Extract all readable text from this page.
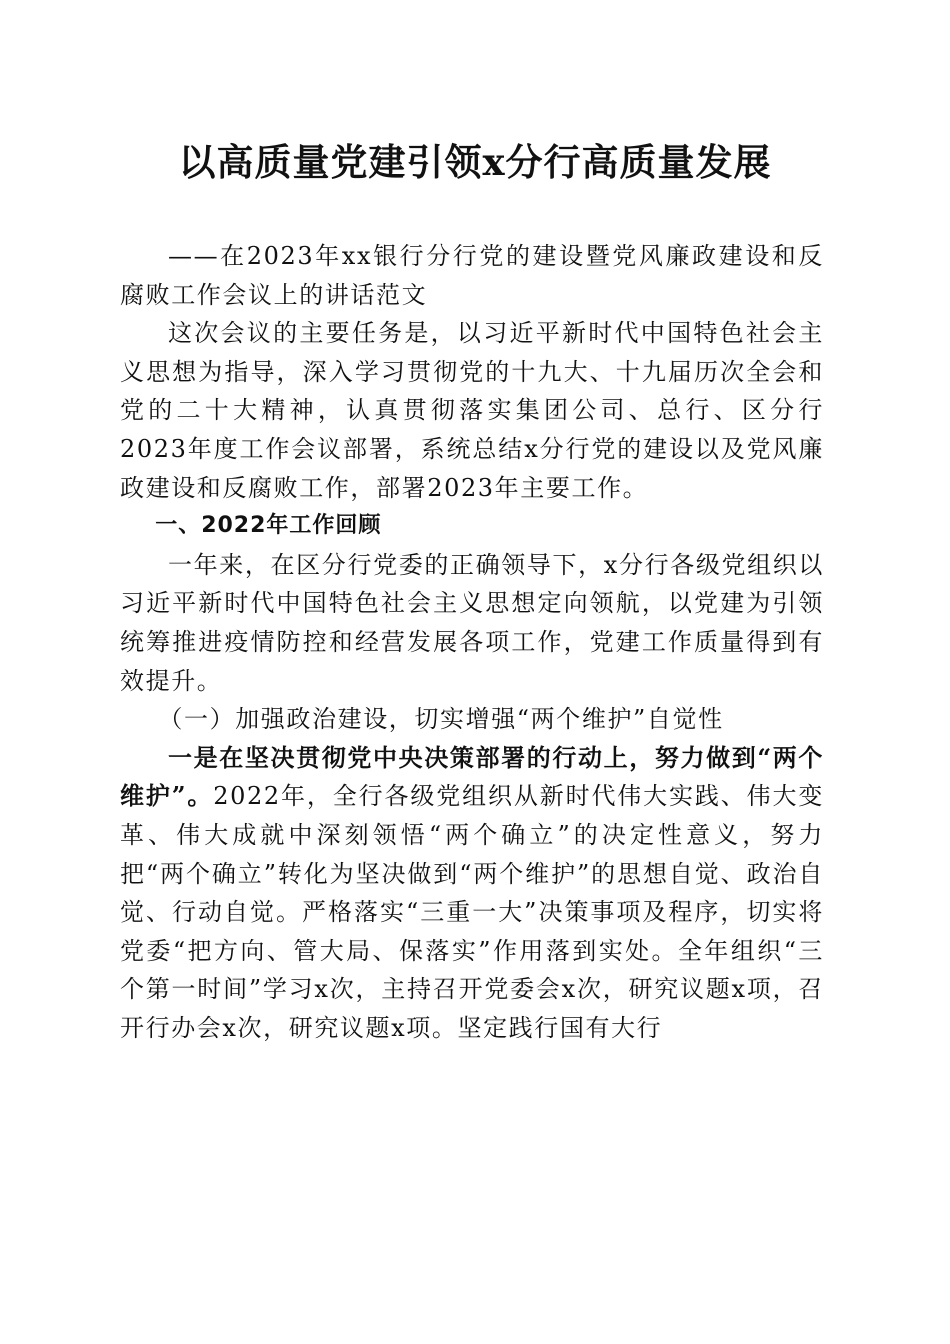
以高质量党建引领x分行高质量发展

——在2023年xx银行分行党的建设暨党风廉政建设和反腐败工作会议上的讲话范文

这次会议的主要任务是，以习近平新时代中国特色社会主义思想为指导，深入学习贯彻党的十九大、十九届历次全会和党的二十大精神，认真贯彻落实集团公司、总行、区分行2023年度工作会议部署，系统总结x分行党的建设以及党风廉政建设和反腐败工作，部署2023年主要工作。

一、2022年工作回顾

一年来，在区分行党委的正确领导下，x分行各级党组织以习近平新时代中国特色社会主义思想定向领航，以党建为引领统筹推进疫情防控和经营发展各项工作，党建工作质量得到有效提升。

（一）加强政治建设，切实增强“两个维护”自觉性

一是在坚决贯彻党中央决策部署的行动上，努力做到“两个维护”。2022年，全行各级党组织从新时代伟大实践、伟大变革、伟大成就中深刻领悟“两个确立”的决定性意义，努力把“两个确立”转化为坚决做到“两个维护”的思想自觉、政治自觉、行动自觉。严格落实“三重一大”决策事项及程序，切实将党委“把方向、管大局、保落实”作用落到实处。全年组织“三个第一时间”学习x次，主持召开党委会x次，研究议题x项，召开行办会x次，研究议题x项。坚定践行国有大行
